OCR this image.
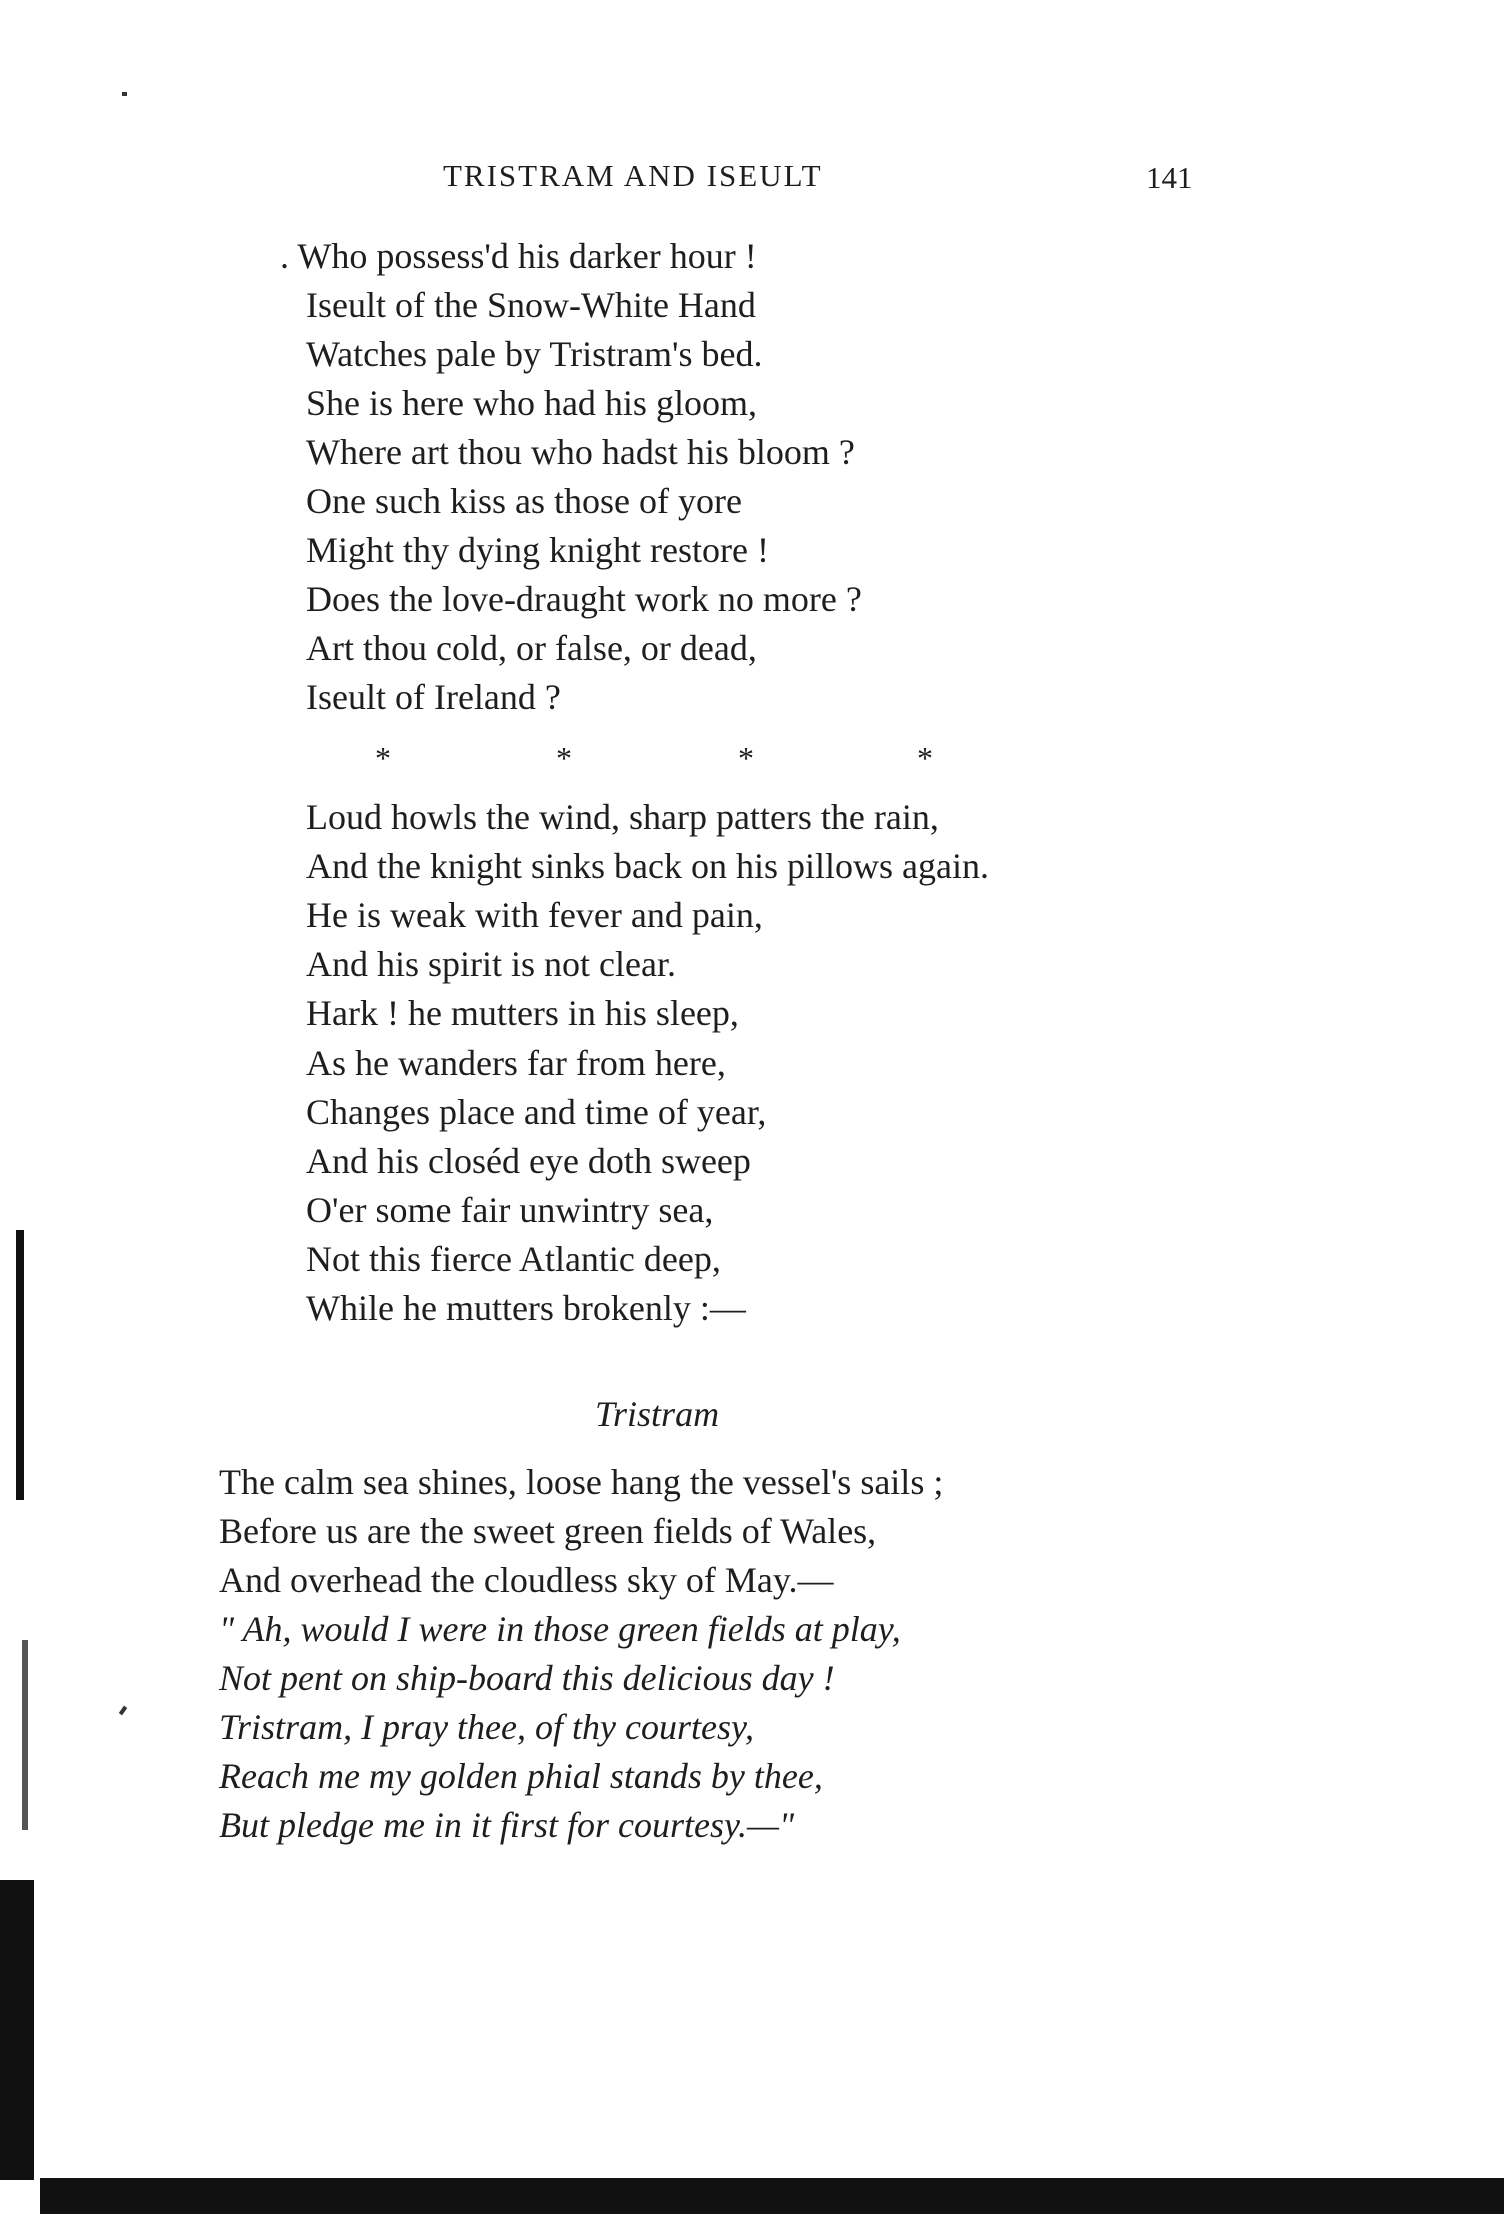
TRISTRAM AND ISEULT	141
. Who possess'd his darker hour !
Iseult of the Snow-White Hand
Watches pale by Tristram's bed.
She is here who had his gloom,
Where art thou who hadst his bloom ?
One such kiss as those of yore
Might thy dying knight restore !
Does the love-draught work no more ?
Art thou cold, or false, or dead,
Iseult of Ireland ?
*	*	*	*
Loud howls the wind, sharp patters the rain,
And the knight sinks back on his pillows again.
He is weak with fever and pain,
And his spirit is not clear.
Hark ! he mutters in his sleep,
As he wanders far from here,
Changes place and time of year,
And his closéd eye doth sweep
O'er some fair unwintry sea,
Not this fierce Atlantic deep,
While he mutters brokenly :—
Tristram
The calm sea shines, loose hang the vessel's sails ;
Before us are the sweet green fields of Wales,
And overhead the cloudless sky of May.—
" Ah, would I were in those green fields at play,
Not pent on ship-board this delicious day !
Tristram, I pray thee, of thy courtesy,
Reach me my golden phial stands by thee,
But pledge me in it first for courtesy.—"
